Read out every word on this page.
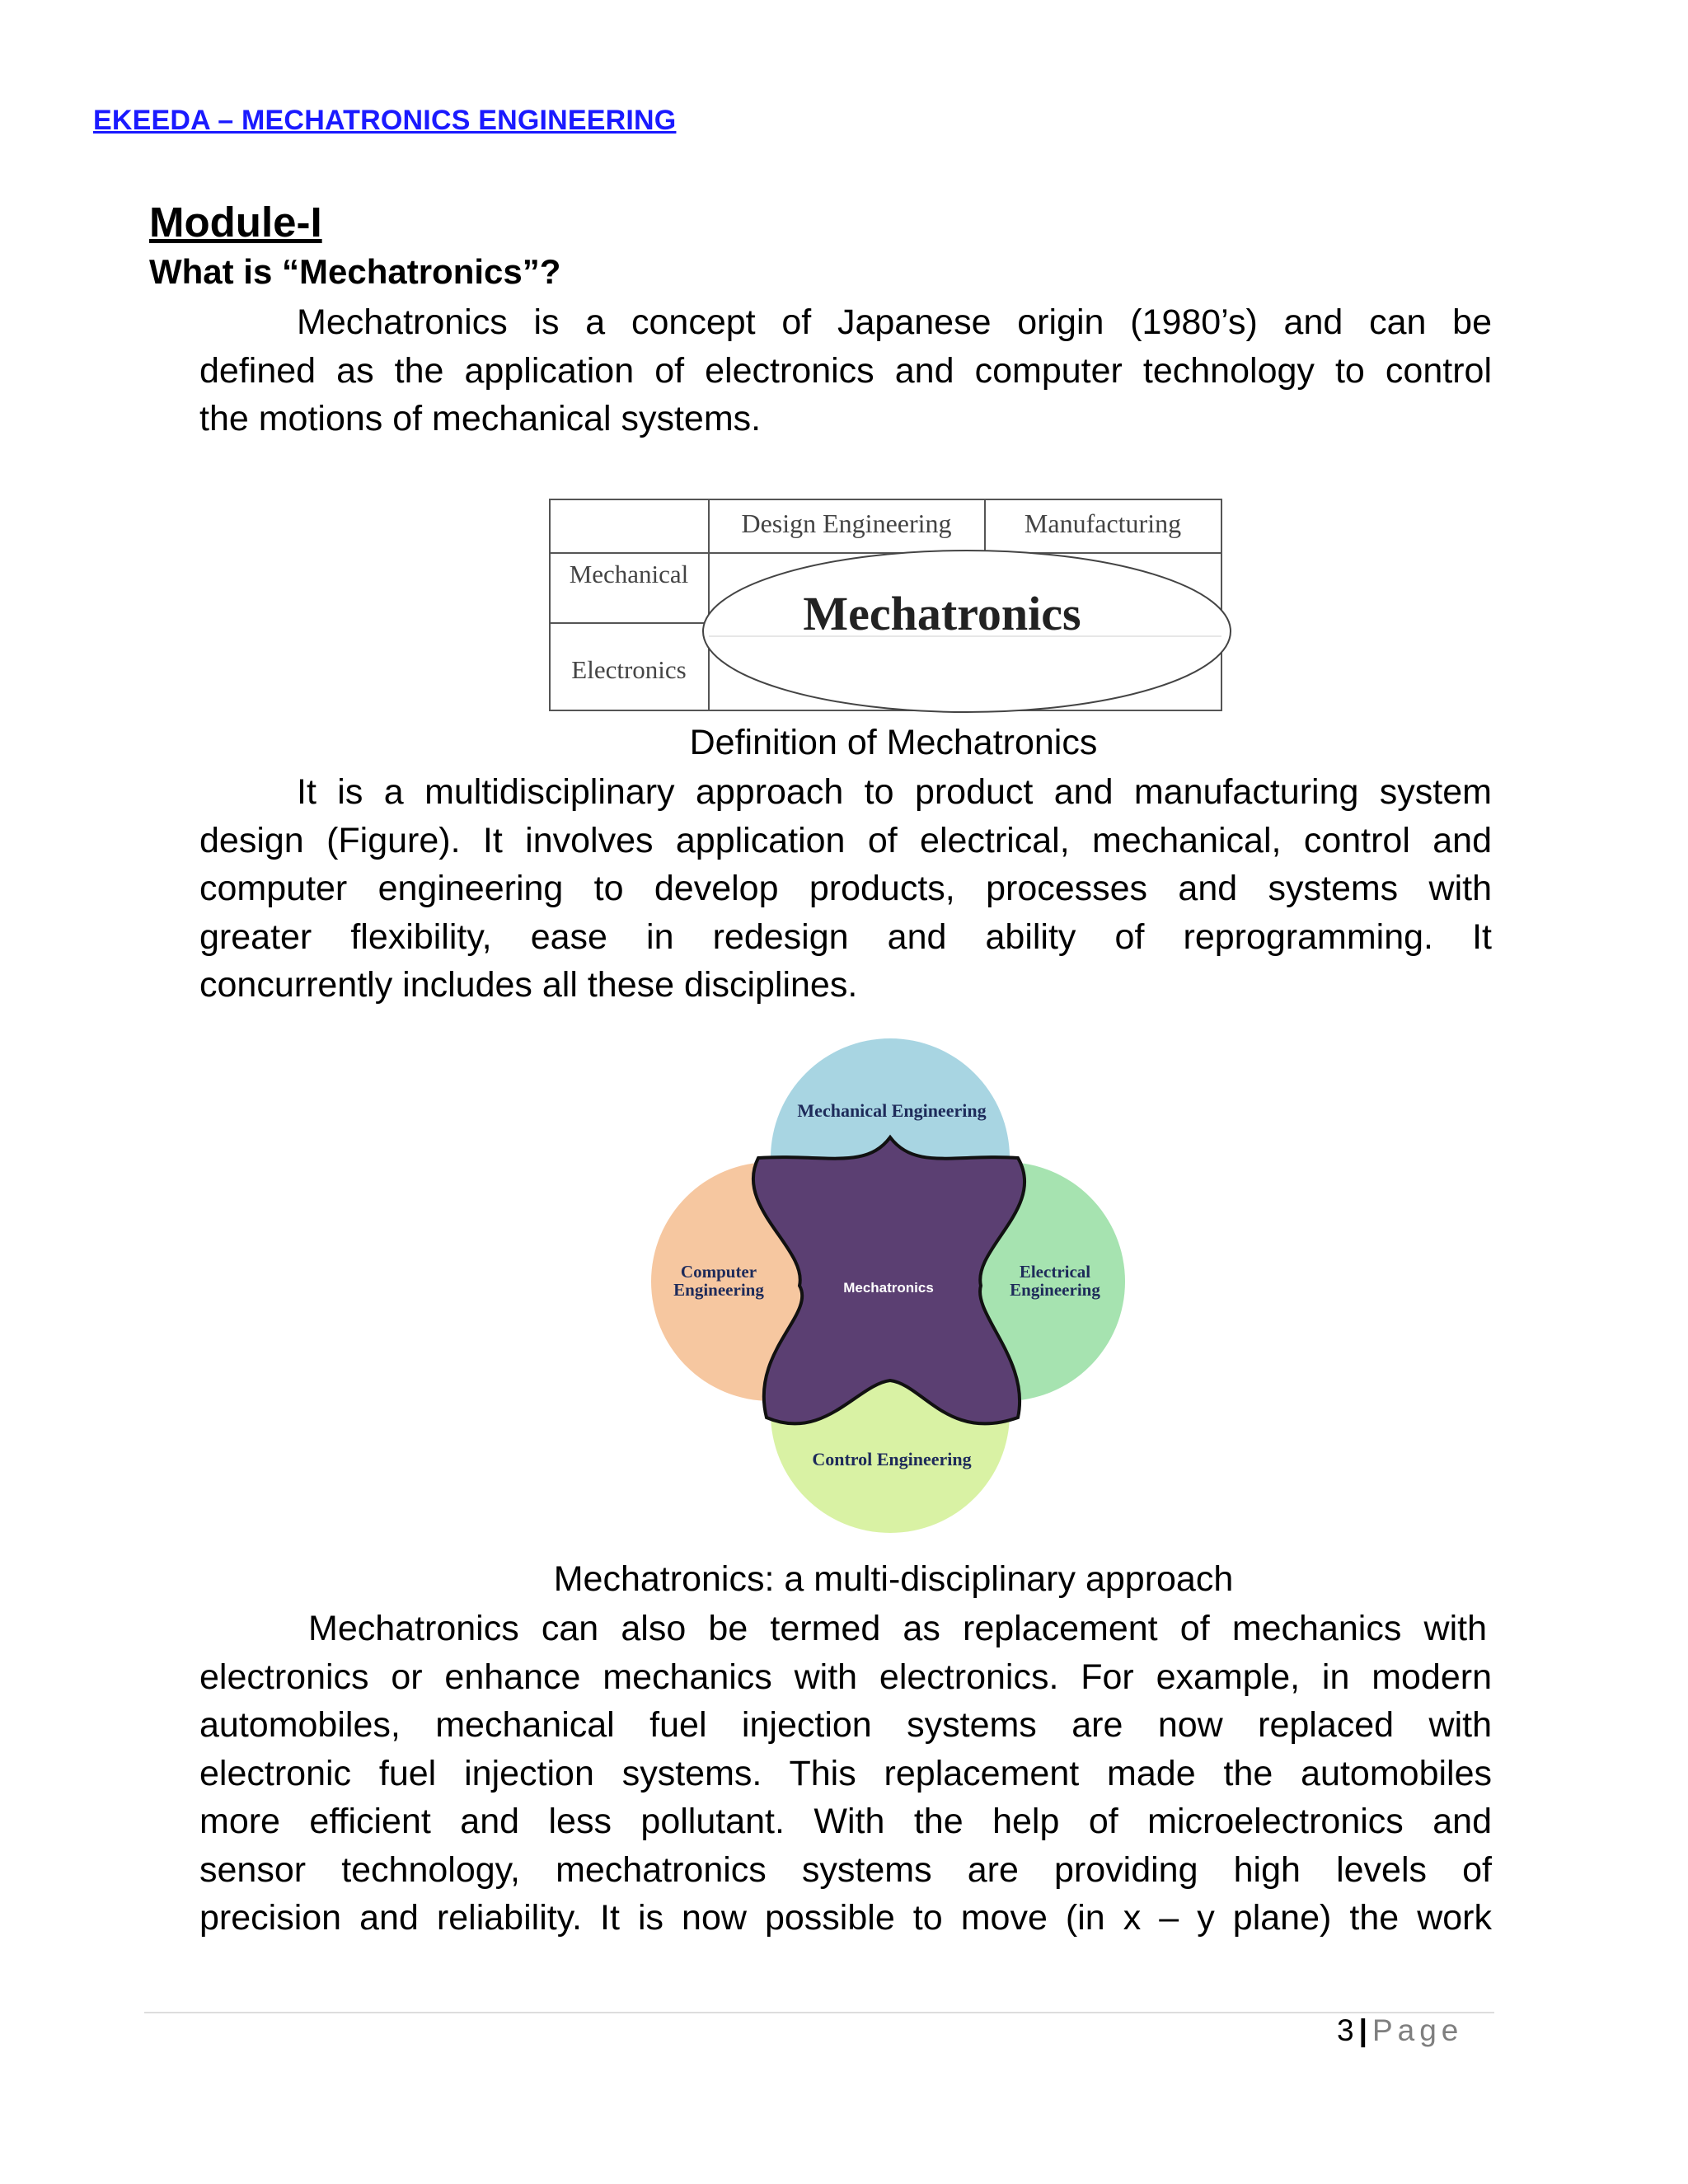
EKEEDA – MECHATRONICS ENGINEERING
Module-I
What is “Mechatronics”?
Mechatronics is a concept of Japanese origin (1980’s) and can be
defined as the application of electronics and computer technology to control
the motions of mechanical systems.
Design Engineering	Manufacturing
Mechanical
Electronics
Mechatronics
Definition of Mechatronics
It is a multidisciplinary approach to product and manufacturing system
design (Figure). It involves application of electrical, mechanical, control and
computer engineering to develop products, processes and systems with
greater flexibility, ease in redesign and ability of reprogramming. It
concurrently includes all these disciplines.
Mechanical Engineering
Computer
Engineering
Electrical
Engineering
Control Engineering
Mechatronics
Mechatronics: a multi-disciplinary approach
Mechatronics can also be termed as replacement of mechanics with
electronics or enhance mechanics with electronics. For example, in modern
automobiles, mechanical fuel injection systems are now replaced with
electronic fuel injection systems. This replacement made the automobiles
more efficient and less pollutant. With the help of microelectronics and
sensor technology, mechatronics systems are providing high levels of
precision and reliability. It is now possible to move (in x – y plane) the work
3 | Page
